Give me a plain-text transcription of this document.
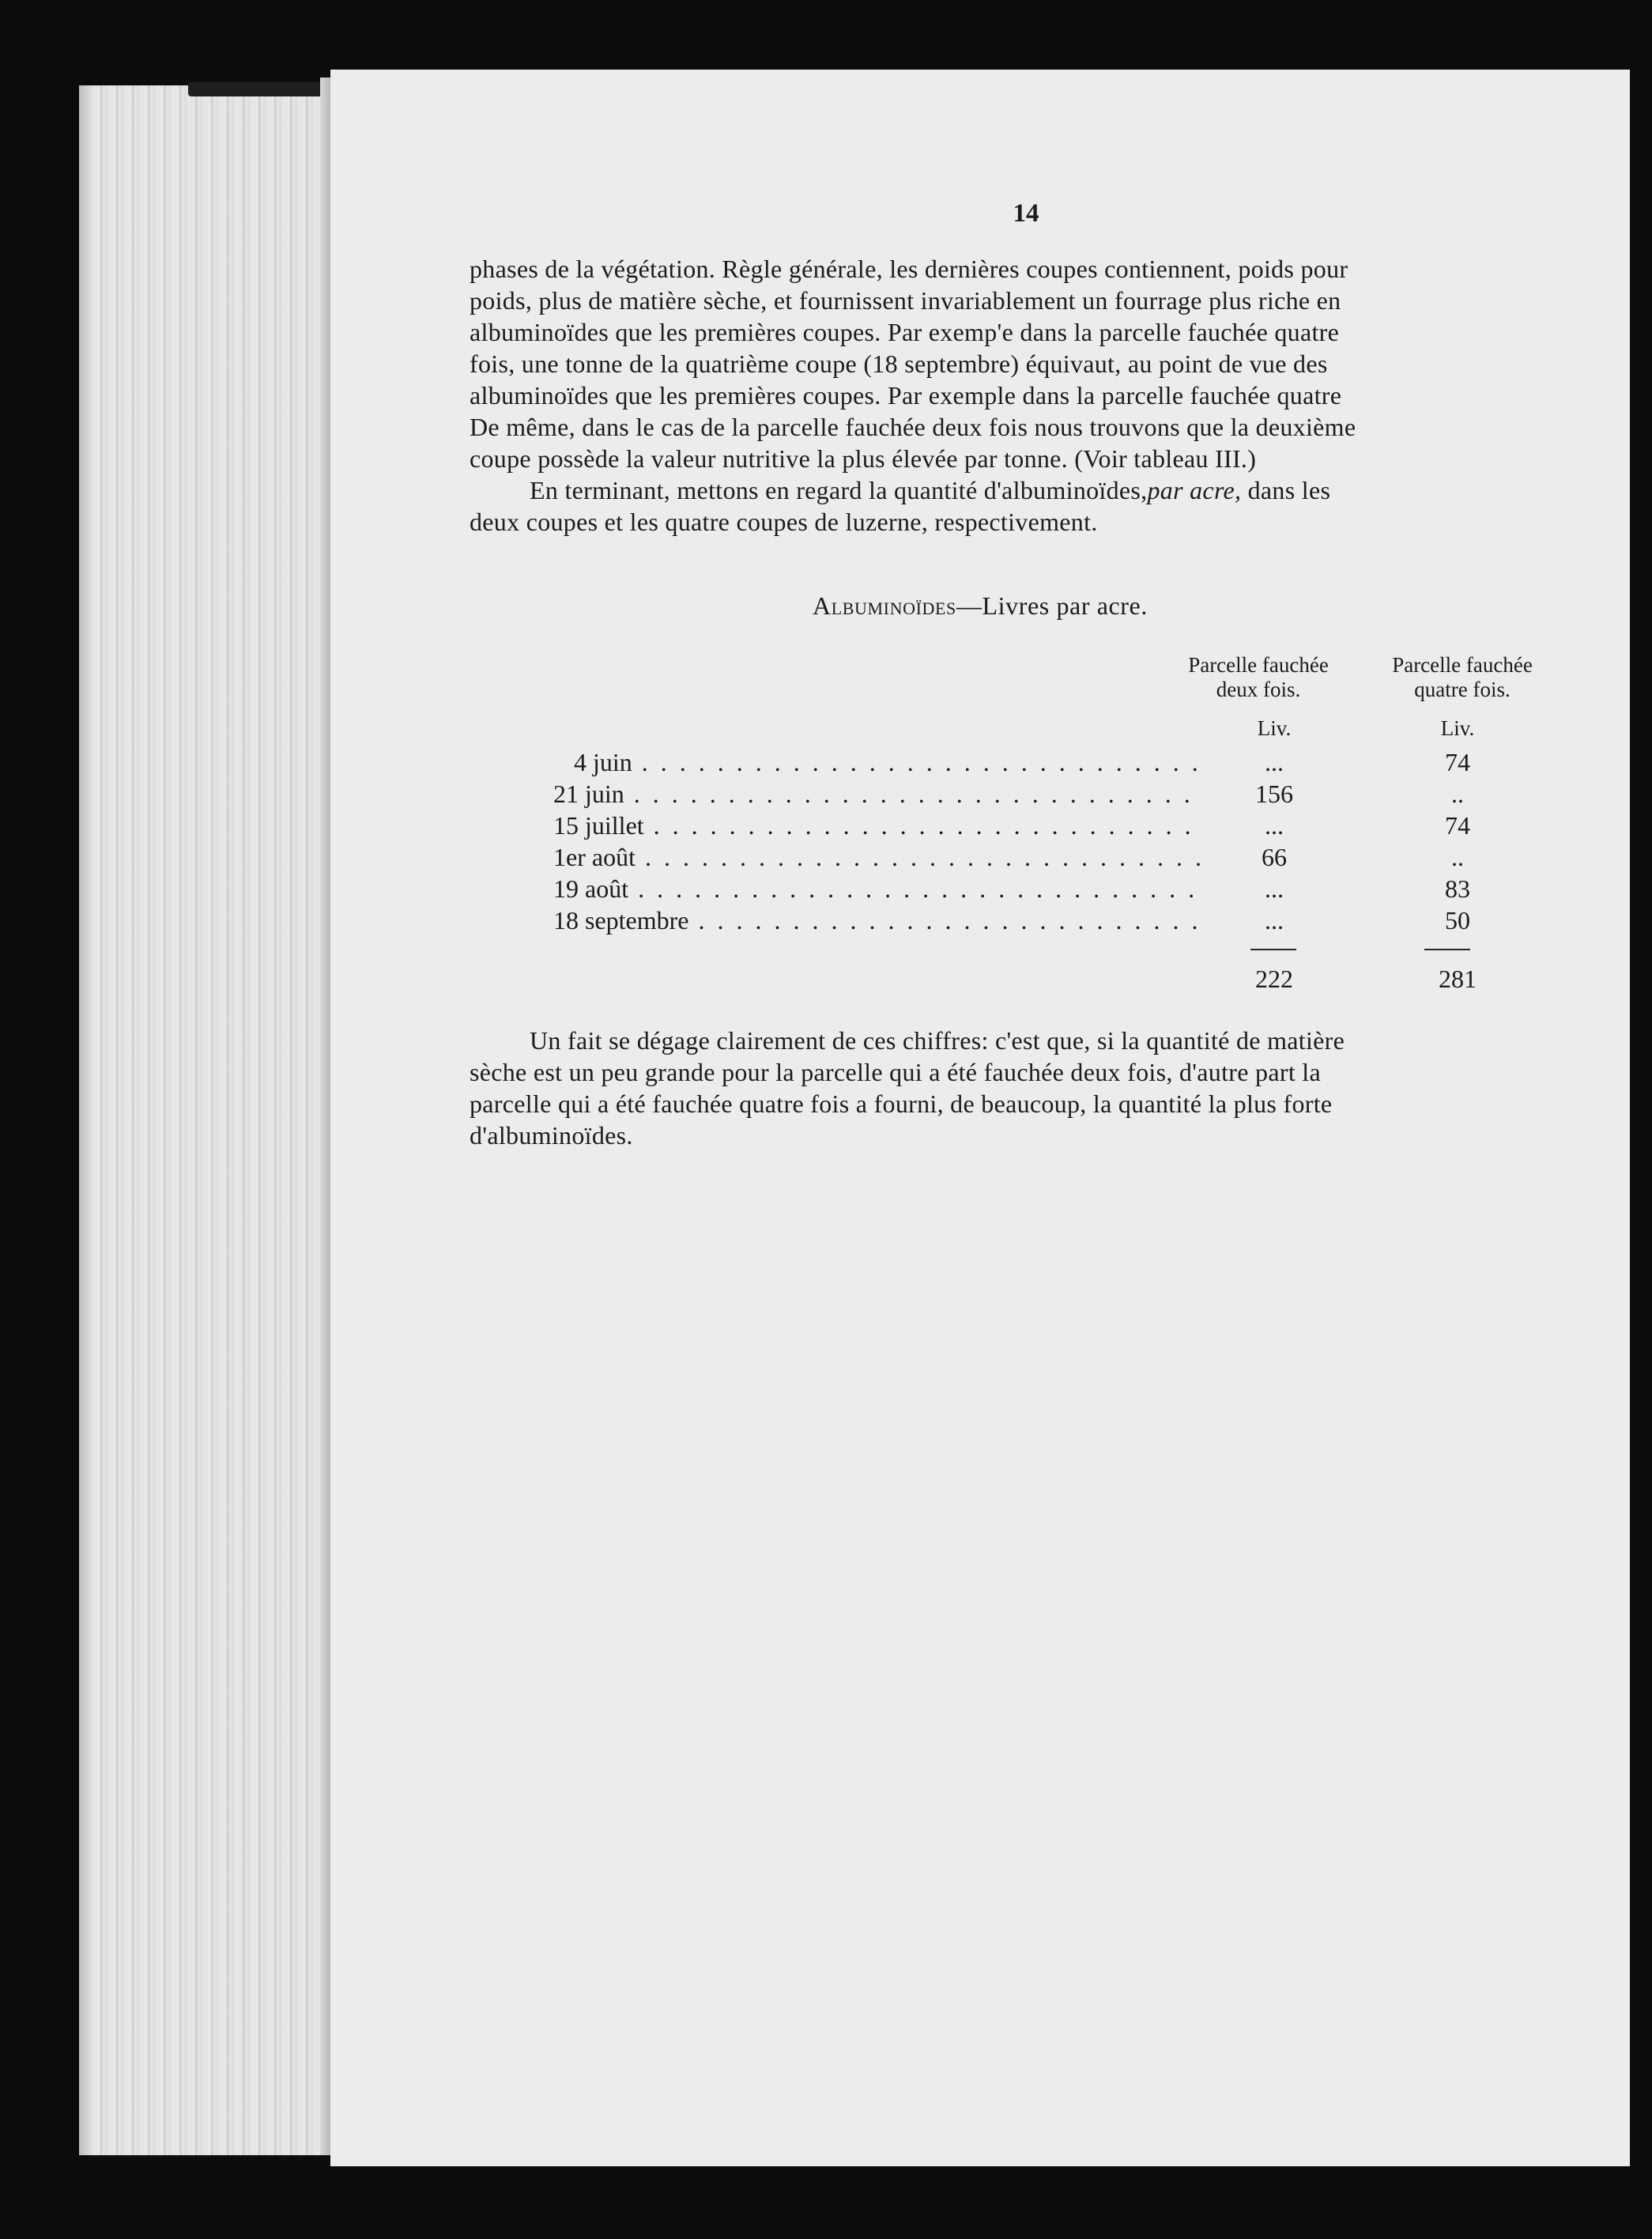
14
phases de la végétation. Règle générale, les dernières coupes contiennent, poids pour
poids, plus de matière sèche, et fournissent invariablement un fourrage plus riche en
albuminoïdes que les premières coupes. Par exemp'e dans la parcelle fauchée quatre
fois, une tonne de la quatrième coupe (18 septembre) équivaut, au point de vue des
albuminoïdes que les premières coupes. Par exemple dans la parcelle fauchée quatre
De même, dans le cas de la parcelle fauchée deux fois nous trouvons que la deuxième
coupe possède la valeur nutritive la plus élevée par tonne. (Voir tableau III.)
En terminant, mettons en regard la quantité d'albuminoïdes,par acre, dans les
deux coupes et les quatre coupes de luzerne, respectivement.
Albuminoïdes—Livres par acre.
Parcelle fauchée
deux fois.
Parcelle fauchée
quatre fois.
Liv.	Liv.
4 juin . . .	...	74
21 juin . . .	156	..
15 juillet . . .	...	74
1er août . . .	66	..
19 août . . .	...	83
18 septembre . . .	...	50
222	281
Un fait se dégage clairement de ces chiffres: c'est que, si la quantité de matière
sèche est un peu grande pour la parcelle qui a été fauchée deux fois, d'autre part la
parcelle qui a été fauchée quatre fois a fourni, de beaucoup, la quantité la plus forte
d'albuminoïdes.
